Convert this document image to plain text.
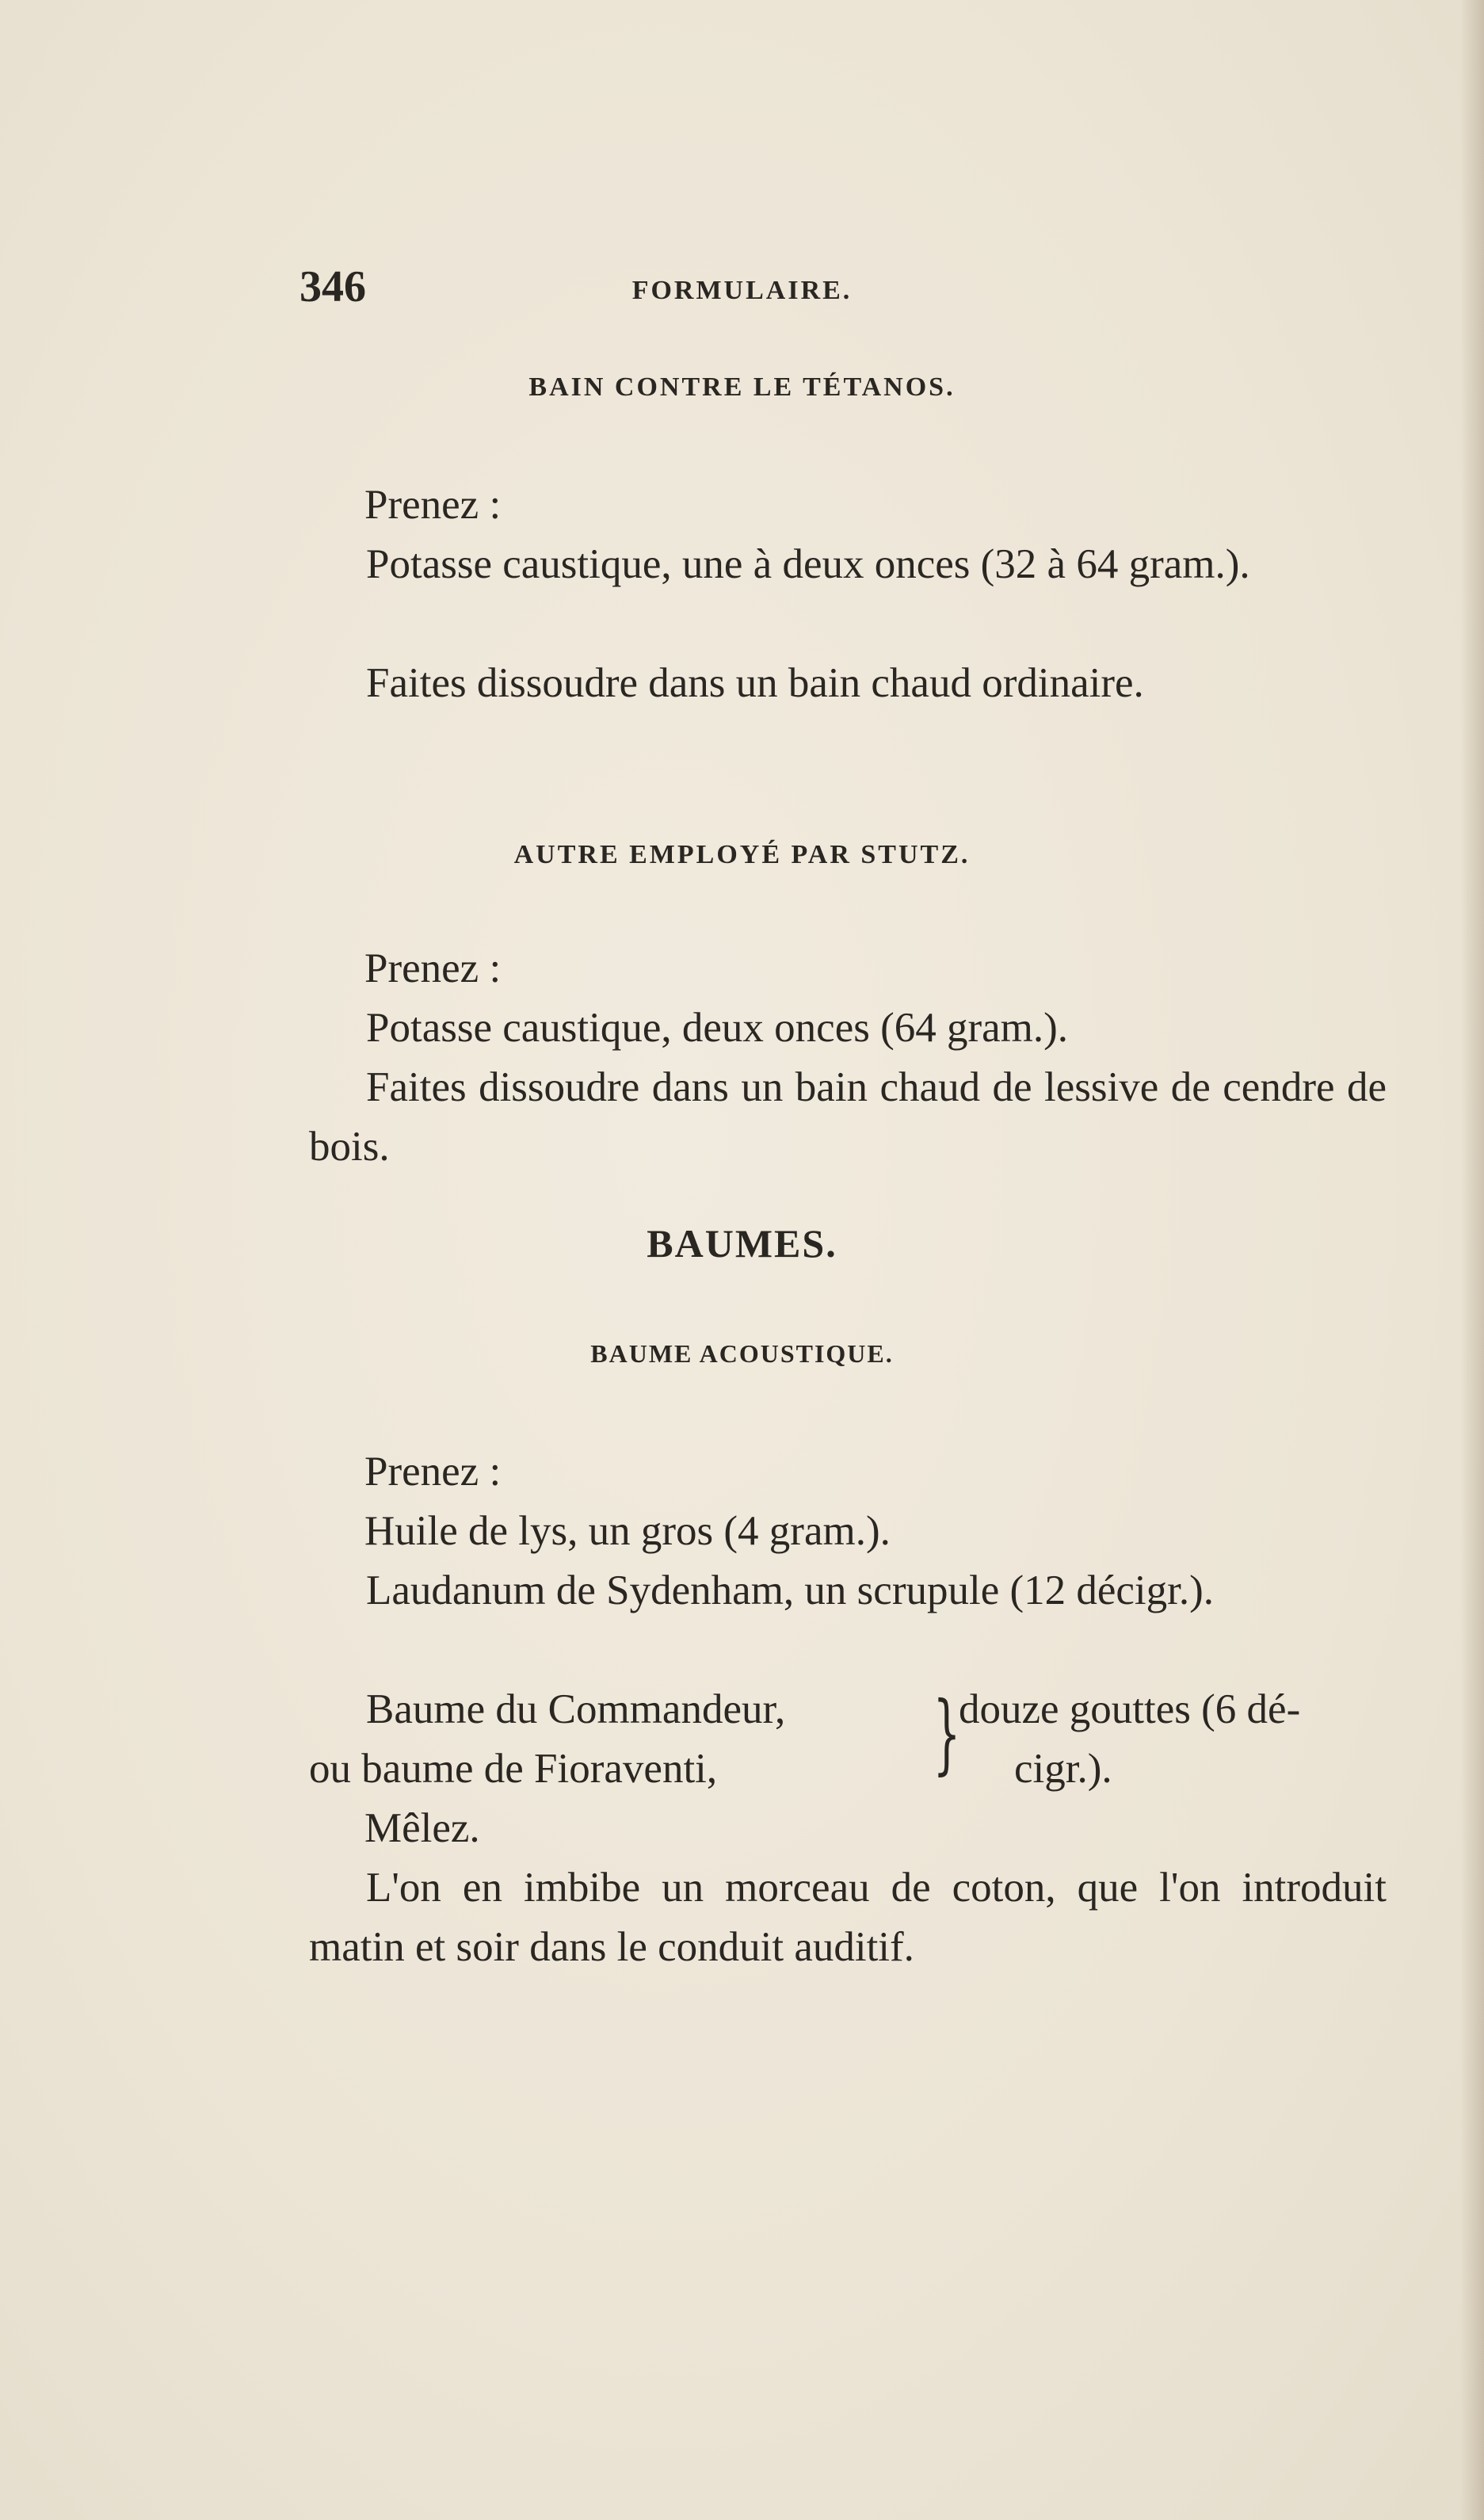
346	FORMULAIRE.
BAIN CONTRE LE TÉTANOS.
Prenez :
Potasse caustique, une à deux onces (32 à 64 gram.).
Faites dissoudre dans un bain chaud ordinaire.
AUTRE EMPLOYÉ PAR STUTZ.
Prenez :
Potasse caustique, deux onces (64 gram.).
Faites dissoudre dans un bain chaud de lessive de cendre de bois.
BAUMES.
BAUME ACOUSTIQUE.
Prenez :
Huile de lys, un gros (4 gram.).
Laudanum de Sydenham, un scrupule (12 décigr.).
Baume du Commandeur,
ou baume de Fioraventi,	}
douze gouttes (6 dé-
cigr.).
Mêlez.
L'on en imbibe un morceau de coton, que l'on introduit matin et soir dans le conduit auditif.
